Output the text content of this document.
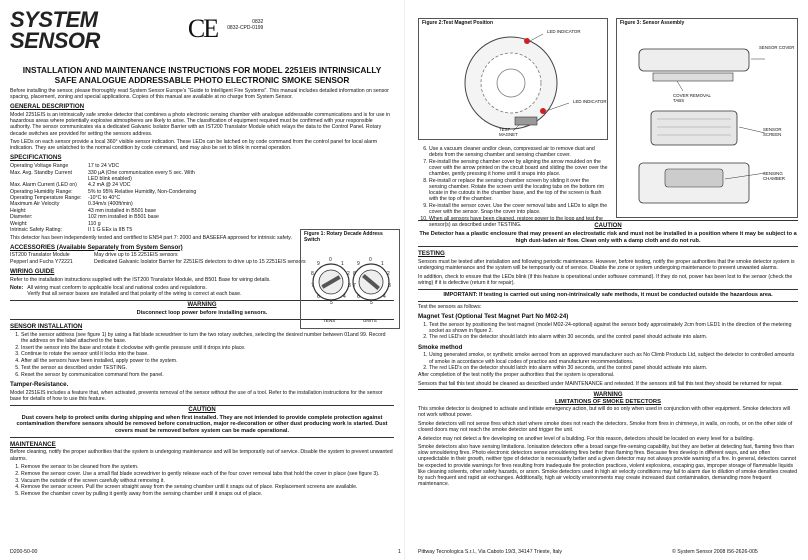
SYSTEM
SENSOR	CE	0832
0832-CPD-0199
INSTALLATION AND MAINTENANCE INSTRUCTIONS FOR MODEL 2251EIS INTRINSICALLY
SAFE ANALOGUE ADDRESSABLE PHOTO ELECTRONIC SMOKE SENSOR

Before installing the sensor, please thoroughly read System Sensor Europe's "Guide to Intelligent Fire Systems". This manual includes detailed information on sensor spacing, placement, zoning and special applications. Copies of this manual are available at no charge from System Sensor.

GENERAL DESCRIPTION

Model 2251EIS is an intrinsically safe smoke detector that combines a photo electronic sensing chamber with analogue addressable communications and is for use in hazardous areas where potentially explosive atmospheres are likely to arise. The classification of equipment required must be confirmed with your responsible authority. The sensor communicates via a dedicated Galvanic Isolator Barrier with an IST200 Translator Module which relays the data to the Control Panel. Rotary decade switches are provided for setting the sensors address.

Two LEDs on each sensor provide a local 360° visible sensor indication. These LEDs can be latched on by code command from the control panel for local alarm indication. They are unlatched to the normal condition by code command, and may also be set to blink in normal operation.

SPECIFICATIONS
Operating Voltage Range	17 to 24 VDC
Max. Avg. Standby Current	330 µA (One communication every 5 sec. With LED blink enabled)
Max. Alarm Current (LED on)	4.2 mA @ 24 VDC
Operating Humidity Range:	5% to 95% Relative Humidity, Non-Condensing
Operating Temperature Range:	-10°C to 40°C
Maximum Air Velocity	0.34m/s (400ft/min)
Height:	43 mm installed in B501 base
Diameter:	102 mm installed in B501 base
Weight:	110 g
Intrinsic Safety Rating:	II 1 G EEx ia IIB T5

This detector has been independently tested and certified to EN54 part 7: 2000 and BASEEFA approved for intrinsic safety.

ACCESSORIES (Available Separately from System Sensor)
IST200 Translator Module	May drive up to 15 2251EIS sensors
Pepperl and Fuchs Y72221	Dedicated Galvanic Isolator Barrier for 2251EIS detectors to drive up to 15 2251EIS sensors
WIRING GUIDE

Refer to the installation instructions supplied with the IST200 Translator Module, and B501 Base for wiring details.

Note: All wiring must conform to applicable local and national codes and regulations.
Verify that all sensor bases are installed and that polarity of the wiring is correct at each base.
WARNING
Disconnect loop power before installing sensors.
SENSOR INSTALLATION
1. Set the sensor address (see figure 1) by using a flat blade screwdriver to turn the two rotary switches, selecting the desired number between 01and 99. Record the address on the label attached to the base.
2. Insert the sensor into the base and rotate it clockwise with gentle pressure until it drops into place.
3. Continue to rotate the sensor until it locks into the base.
4. After all the sensors have been installed, apply power to the system.
5. Test the sensor as described under TESTING.
6. Reset the sensor by communication command from the panel.
Tamper-Resistance.

Model 2251EIS includes a feature that, when activated, prevents removal of the sensor without the use of a tool. Refer to the installation instructions for the sensor base for details of how to use this feature.

CAUTION
Dust covers help to protect units during shipping and when first installed. They are not intended to provide complete protection against contamination therefore sensors should be removed before construction, major re-decoration or other dust producing work is started. Dust covers must be removed before system can be made operational.
MAINTENANCE

Before cleaning, notify the proper authorities that the system is undergoing maintenance and will be temporarily out of service. Disable the system to prevent unwanted alarms.

1. Remove the sensor to be cleaned from the system.
2. Remove the sensor cover. Use a small flat blade screwdriver to gently release each of the four cover removal tabs that hold the cover in place (see figure 3).
3. Vacuum the outside of the screen carefully without removing it.
4. Remove the sensor screen. Pull the screen straight away from the sensing chamber until it snaps out of place. Replacement screens are available.
5. Remove the chamber cover by pulling it gently away from the sensing chamber until it snaps out of place.
D200-50-00	1
Figure 1: Rotary Decade Address Switch
0
1
2
3
4
5
6
7
8
9
0
1
2
3
4
5
6
7
8
9
TENS	UNITS
Figure 2:Test Magnet Position
LED INDICATOR
LED INDICATOR
TEST MAGNET
Figure 3: Sensor Assembly
SENSOR COVER
COVER REMOVAL TABS
SENSOR SCREEN
SENSING CHAMBER
6. Use a vacuum cleaner and/or clean, compressed air to remove dust and debris from the sensing chamber and sensing chamber cover.
7. Re-install the sensing chamber cover by aligning the arrow moulded on the cover with the arrow printed on the circuit board and sliding the cover over the chamber, gently pressing it home until it snaps into place.
8. Re-install or replace the sensing chamber screen by sliding it over the sensing chamber. Rotate the screen until the locating tabs on the bottom rim locate in the cutouts in the chamber base, and the top of the screen is flush with the top of the chamber.
9. Re-install the sensor cover. Use the cover removal tabs and LEDs to align the cover with the sensor. Snap the cover into place.
10. When all sensors have been cleaned, restore power to the loop and test the sensor(s) as described under TESTING.	CAUTION
The Detector has a plastic enclosure that may present an electrostatic risk and must not be installed in a position where it may be subject to a high dust-laden air flow. Clean only with a damp cloth and do not rub.
TESTING

Sensors must be tested after installation and following periodic maintenance. However, before testing, notify the proper authorities that the smoke detector system is undergoing maintenance and the system will be temporarily out of service. Disable the zone or system undergoing maintenance to prevent unwanted alarms.

In addition, check to ensure that the LEDs blink (if this feature is operational under software command). If they do not, power has been lost to the sensor (check the wiring) if it is defective (return it for repair).

IMPORTANT: If testing is carried out using non-intrinsically safe methods, it must be conducted outside the hazardous area.

Test the sensors as follows:

Magnet Test (Optional Test Magnet Part No M02-24)
1. Test the sensor by positioning the test magnet (model M02-24-optional) against the sensor body approximately 2cm from LED1 in the direction of the metering socket as shown in figure 2.
2. The red LED's on the detector should latch into alarm within 30 seconds, and the control panel should activate into alarm.
Smoke method
1. Using generated smoke, or synthetic smoke aerosol from an approved manufacturer such as No Climb Products Ltd, subject the detector to controlled amounts of smoke in accordance with local codes of practice and manufacturer recommendations.
2. The red LED's on the detector should latch into alarm within 30 seconds, and the control panel should activate into alarm.

After completion of the test notify the proper authorities that the system is operational.

Sensors that fail this test should be cleaned as described under MAINTENANCE and retested. If the sensors still fail this test they should be returned for repair.

WARNING
LIMITATIONS OF SMOKE DETECTORS

This smoke detector is designed to activate and initiate emergency action, but will do so only when used in conjunction with other equipment. Smoke detectors will not work without power.

Smoke detectors will not sense fires which start where smoke does not reach the detectors. Smoke from fires in chimneys, in walls, on roofs, or on the other side of closed doors may not reach the smoke detector and trigger the unit.

A detector may not detect a fire developing on another level of a building. For this reason, detectors should be located on every level for a building.

Smoke detectors also have sensing limitations. Ionisation detectors offer a broad range fire-sensing capability, but they are better at detecting fast, flaming fires than slow smouldering fires. Photo electronic detectors sense smouldering fires better than flaming fires. Because fires develop in different ways, and are often unpredictable in their growth, neither type of detector is necessarily better and a given detector may not always provide warning of a fire. In general, detectors cannot be expected to provide warnings for fires resulting from inadequate fire protection practices, violent explosions, escaping gas, improper storage of flammable liquids like cleaning solvents, other safety hazards, or arson. Smoke detectors used in high air velocity conditions may fail to alarm due to dilution of smoke densities created by such frequent and rapid air exchanges. Additionally, high air velocity environments may create increased dust contamination, demanding more frequent maintenance.

Pittway Tecnologica S.r.l., Via Caboto 19/3, 34147 Trieste, Italy	© System Sensor 2008 I56-2626-005
